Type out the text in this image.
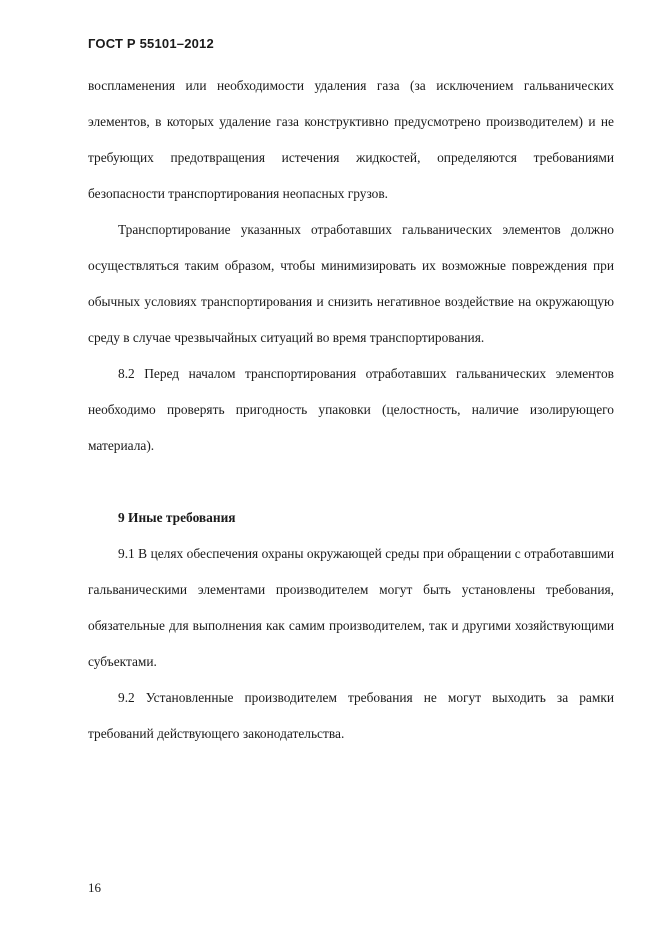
ГОСТ Р 55101–2012

воспламенения или необходимости удаления газа (за исключением гальванических элементов, в которых удаление газа конструктивно предусмотрено производителем) и не требующих предотвращения истечения жидкостей, определяются требованиями безопасности транспортирования неопасных грузов.

Транспортирование указанных отработавших гальванических элементов должно осуществляться таким образом, чтобы минимизировать их возможные повреждения при обычных условиях транспортирования и снизить негативное воздействие на окружающую среду в случае чрезвычайных ситуаций во время транспортирования.

8.2 Перед началом транспортирования отработавших гальванических элементов необходимо проверять пригодность упаковки (целостность, наличие изолирующего материала).

9 Иные требования

9.1 В целях обеспечения охраны окружающей среды при обращении с отработавшими гальваническими элементами производителем могут быть установлены требования, обязательные для выполнения как самим производителем, так и другими хозяйствующими субъектами.

9.2 Установленные производителем требования не могут выходить за рамки требований действующего законодательства.

16
